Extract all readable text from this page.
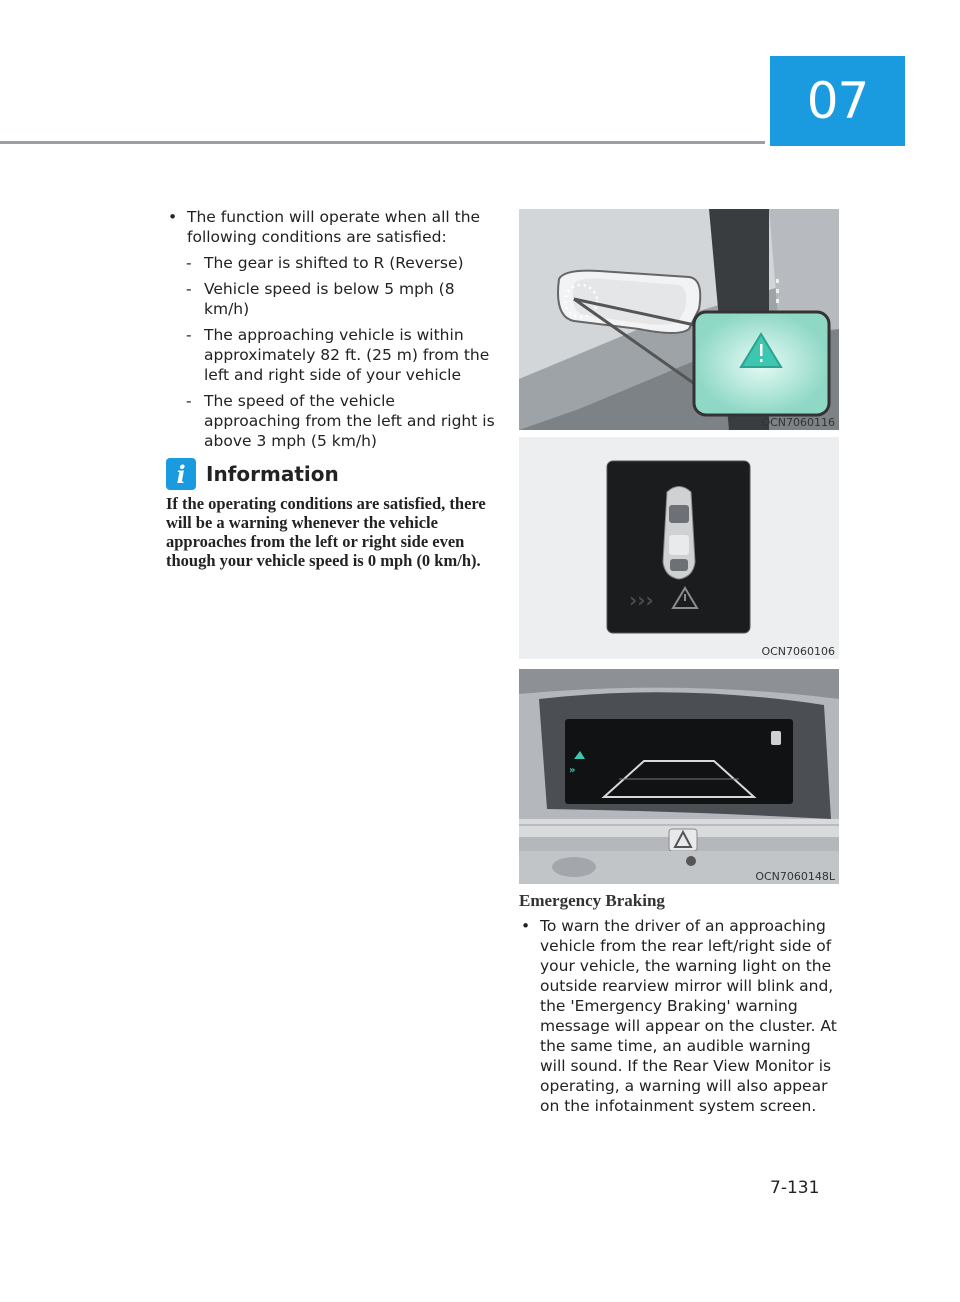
07
• The function will operate when all the following conditions are satisfied:
- The gear is shifted to R (Reverse)
- Vehicle speed is below 5 mph (8 km/h)
- The approaching vehicle is within approximately 82 ft. (25 m) from the left and right side of your vehicle
- The speed of the vehicle approaching from the left and right is above 3 mph (5 km/h)
i	Information
If the operating conditions are satisfied, there will be a warning whenever the vehicle approaches from the left or right side even though your vehicle speed is 0 mph (0 km/h).
OCN7060116
›››
OCN7060106
»
OCN7060148L
Emergency Braking
• To warn the driver of an approaching vehicle from the rear left/right side of your vehicle, the warning light on the outside rearview mirror will blink and, the 'Emergency Braking' warning message will appear on the cluster. At the same time, an audible warning will sound. If the Rear View Monitor is operating, a warning will also appear on the infotainment system screen.
7-131
